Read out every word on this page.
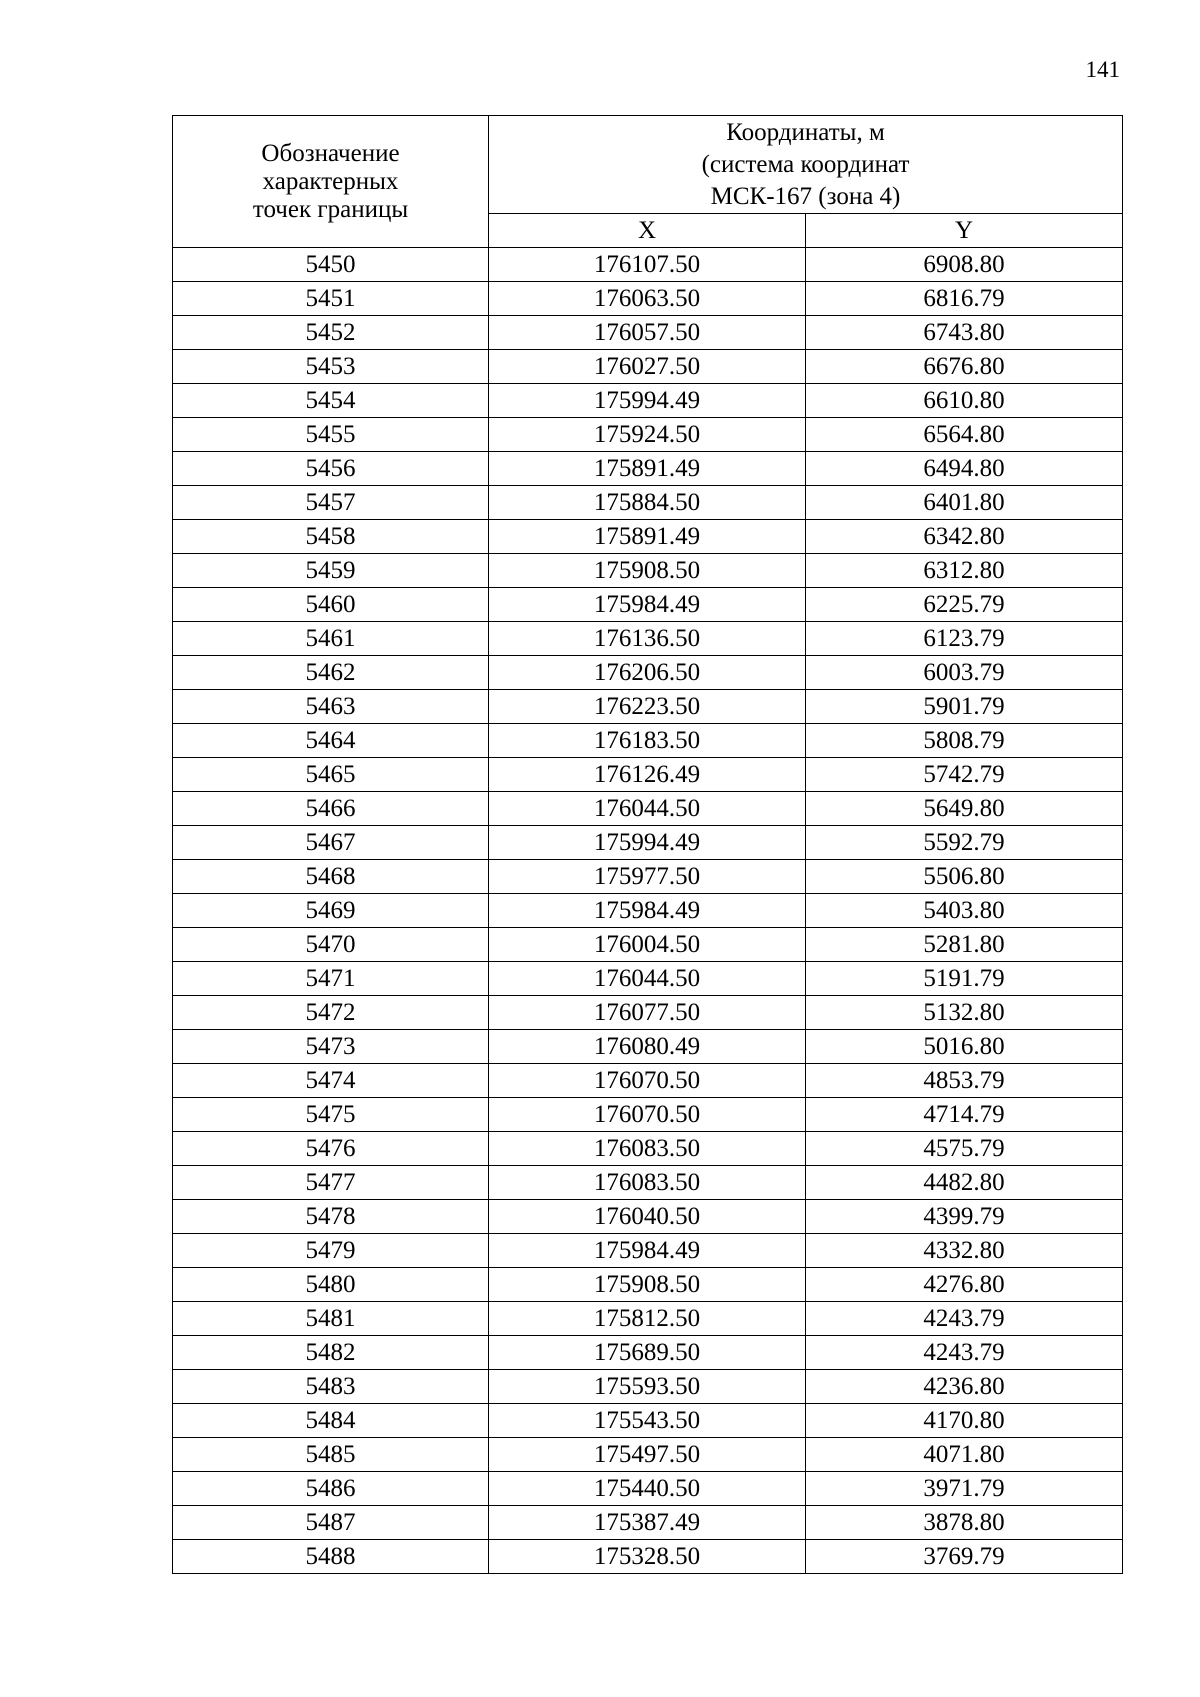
141
Обозначение
характерных
точек границы	Координаты, м
(система координат
МСК-167 (зона 4)	

	X	Y
5450	176107.50	6908.80
5451	176063.50	6816.79
5452	176057.50	6743.80
5453	176027.50	6676.80
5454	175994.49	6610.80
5455	175924.50	6564.80
5456	175891.49	6494.80
5457	175884.50	6401.80
5458	175891.49	6342.80
5459	175908.50	6312.80
5460	175984.49	6225.79
5461	176136.50	6123.79
5462	176206.50	6003.79
5463	176223.50	5901.79
5464	176183.50	5808.79
5465	176126.49	5742.79
5466	176044.50	5649.80
5467	175994.49	5592.79
5468	175977.50	5506.80
5469	175984.49	5403.80
5470	176004.50	5281.80
5471	176044.50	5191.79
5472	176077.50	5132.80
5473	176080.49	5016.80
5474	176070.50	4853.79
5475	176070.50	4714.79
5476	176083.50	4575.79
5477	176083.50	4482.80
5478	176040.50	4399.79
5479	175984.49	4332.80
5480	175908.50	4276.80
5481	175812.50	4243.79
5482	175689.50	4243.79
5483	175593.50	4236.80
5484	175543.50	4170.80
5485	175497.50	4071.80
5486	175440.50	3971.79
5487	175387.49	3878.80
5488	175328.50	3769.79
